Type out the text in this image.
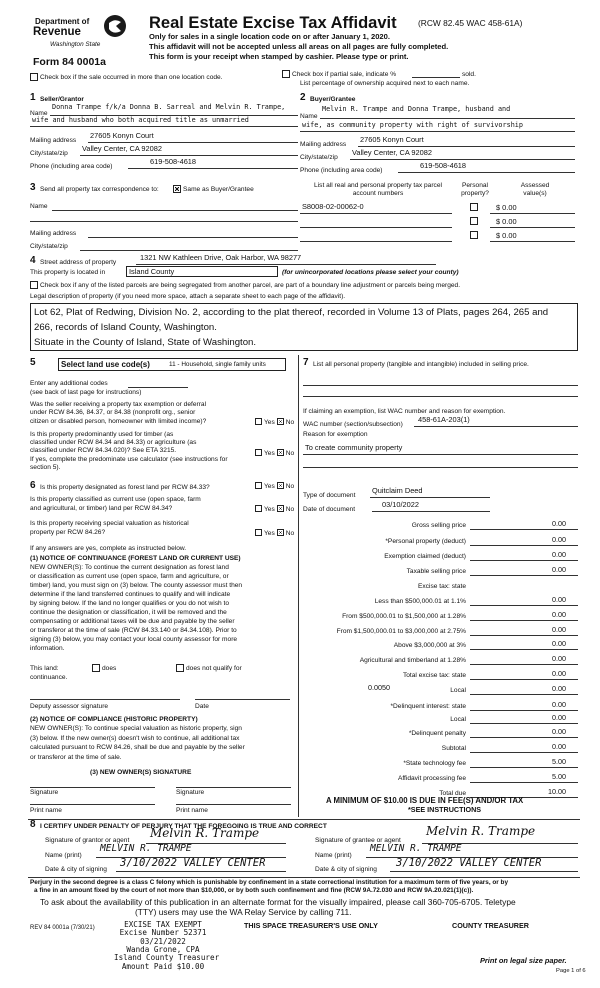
Department of
Revenue
Washington State
Form 84 0001a
Real Estate Excise Tax Affidavit	(RCW 82.45 WAC 458-61A)
Only for sales in a single location code on or after January 1, 2020.
This affidavit will not be accepted unless all areas on all pages are fully completed.
This form is your receipt when stamped by cashier. Please type or print.
Check box if the sale occurred in more than one location code.	Check box if partial sale, indicate %	sold.
List percentage of ownership acquired next to each name.
1 Seller/Grantor
Name
Donna Trampe f/k/a Donna B. Sarreal and Melvin R. Trampe,
wife and husband who both acquired title as unmarried
Mailing address
27605 Konyn Court
City/state/zip
Valley Center, CA 92082
Phone (including area code)
619-508-4618
2 Buyer/Grantee
Name
Melvin R. Trampe and Donna Trampe, husband and
wife, as community property with right of survivorship
Mailing address
27605 Konyn Court
City/state/zip
Valley Center, CA 92082
Phone (including area code)
619-508-4618
3 Send all property tax correspondence to:	Same as Buyer/Grantee
Name
Mailing address
City/state/zip
List all real and personal property tax parcel account numbers
Personal property?
Assessed value(s)
S8008-02-00062-0	$ 0.00
$ 0.00
$ 0.00
4 Street address of property
1321 NW Kathleen Drive, Oak Harbor, WA 98277
This property is located in	Island County	(for unincorporated locations please select your county)
Check box if any of the listed parcels are being segregated from another parcel, are part of a boundary line adjustment or parcels being merged.
Legal description of property (if you need more space, attach a separate sheet to each page of the affidavit).
Lot 62, Plat of Redwing, Division No. 2, according to the plat thereof, recorded in Volume 13 of Plats, pages 264, 265 and
266, records of Island County, Washington.
Situate in the County of Island, State of Washington.
5	Select land use code(s)	11 - Household, single family units
Enter any additional codes
(see back of last page for instructions)
Was the seller receiving a property tax exemption or deferral
under RCW 84.36, 84.37, or 84.38 (nonprofit org., senior
citizen or disabled person, homeowner with limited income)?	Yes No
Is this property predominantly used for timber (as
classified under RCW 84.34 and 84.33) or agriculture (as
classified under RCW 84.34.020)? See ETA 3215.	Yes No
If yes, complete the predominate use calculator (see instructions for
section 5).
6 Is this property designated as forest land per RCW 84.33?	Yes No
Is this property classified as current use (open space, farm
and agricultural, or timber) land per RCW 84.34?	Yes No
Is this property receiving special valuation as historical
property per RCW 84.26?	Yes No
If any answers are yes, complete as instructed below.
(1) NOTICE OF CONTINUANCE (FOREST LAND OR CURRENT USE)
NEW OWNER(S): To continue the current designation as forest land
or classification as current use (open space, farm and agriculture, or
timber) land, you must sign on (3) below. The county assessor must then
determine if the land transferred continues to qualify and will indicate
by signing below. If the land no longer qualifies or you do not wish to
continue the designation or classification, it will be removed and the
compensating or additional taxes will be due and payable by the seller
or transferor at the time of sale (RCW 84.33.140 or 84.34.108). Prior to
signing (3) below, you may contact your local county assessor for more
information.
This land:	does	does not qualify for
continuance.
Deputy assessor signature	Date
(2) NOTICE OF COMPLIANCE (HISTORIC PROPERTY)
NEW OWNER(S): To continue special valuation as historic property, sign
(3) below. If the new owner(s) doesn't wish to continue, all additional tax
calculated pursuant to RCW 84.26, shall be due and payable by the seller
or transferor at the time of sale.
(3) NEW OWNER(S) SIGNATURE
Signature	Signature
Print name	Print name
7 List all personal property (tangible and intangible) included in selling price.
If claiming an exemption, list WAC number and reason for exemption.
WAC number (section/subsection)
458-61A-203(1)
Reason for exemption
To create community property
Type of document
Quitclaim Deed
Date of document
03/10/2022
Gross selling price	0.00
*Personal property (deduct)	0.00
Exemption claimed (deduct)	0.00
Taxable selling price	0.00
Excise tax: state
Less than $500,000.01 at 1.1%	0.00
From $500,000.01 to $1,500,000 at 1.28%	0.00
From $1,500,000.01 to $3,000,000 at 2.75%	0.00
Above $3,000,000 at 3%	0.00
Agricultural and timberland at 1.28%	0.00
Total excise tax: state	0.00
Local	0.00
*Delinquent interest: state	0.00
Local	0.00
*Delinquent penalty	0.00
Subtotal	0.00
*State technology fee	5.00
Affidavit processing fee	5.00
Total due	10.00
0.0050
A MINIMUM OF $10.00 IS DUE IN FEE(S) AND/OR TAX
*SEE INSTRUCTIONS
8 I CERTIFY UNDER PENALTY OF PERJURY THAT THE FOREGOING IS TRUE AND CORRECT
Signature of grantor or agent
Melvin R. Trampe
Name (print)
MELVIN R. TRAMPE
Date & city of signing
3/10/2022 VALLEY CENTER
Signature of grantee or agent
Melvin R. Trampe
Name (print)
MELVIN R. TRAMPE
Date & city of signing
3/10/2022 VALLEY CENTER
Perjury in the second degree is a class C felony which is punishable by confinement in a state correctional institution for a maximum term of five years, or by
a fine in an amount fixed by the court of not more than $10,000, or by both such confinement and fine (RCW 9A.72.030 and RCW 9A.20.021(1)(c)).
To ask about the availability of this publication in an alternate format for the visually impaired, please call 360-705-6705. Teletype
(TTY) users may use the WA Relay Service by calling 711.
REV 84 0001a (7/30/21)	EXCISE TAX EXEMPT
Excise Number 52371
03/21/2022
Wanda Grone, CPA
Island County Treasurer
Amount Paid $10.00
THIS SPACE TREASURER'S USE ONLY	COUNTY TREASURER
Print on legal size paper.
Page 1 of 6
